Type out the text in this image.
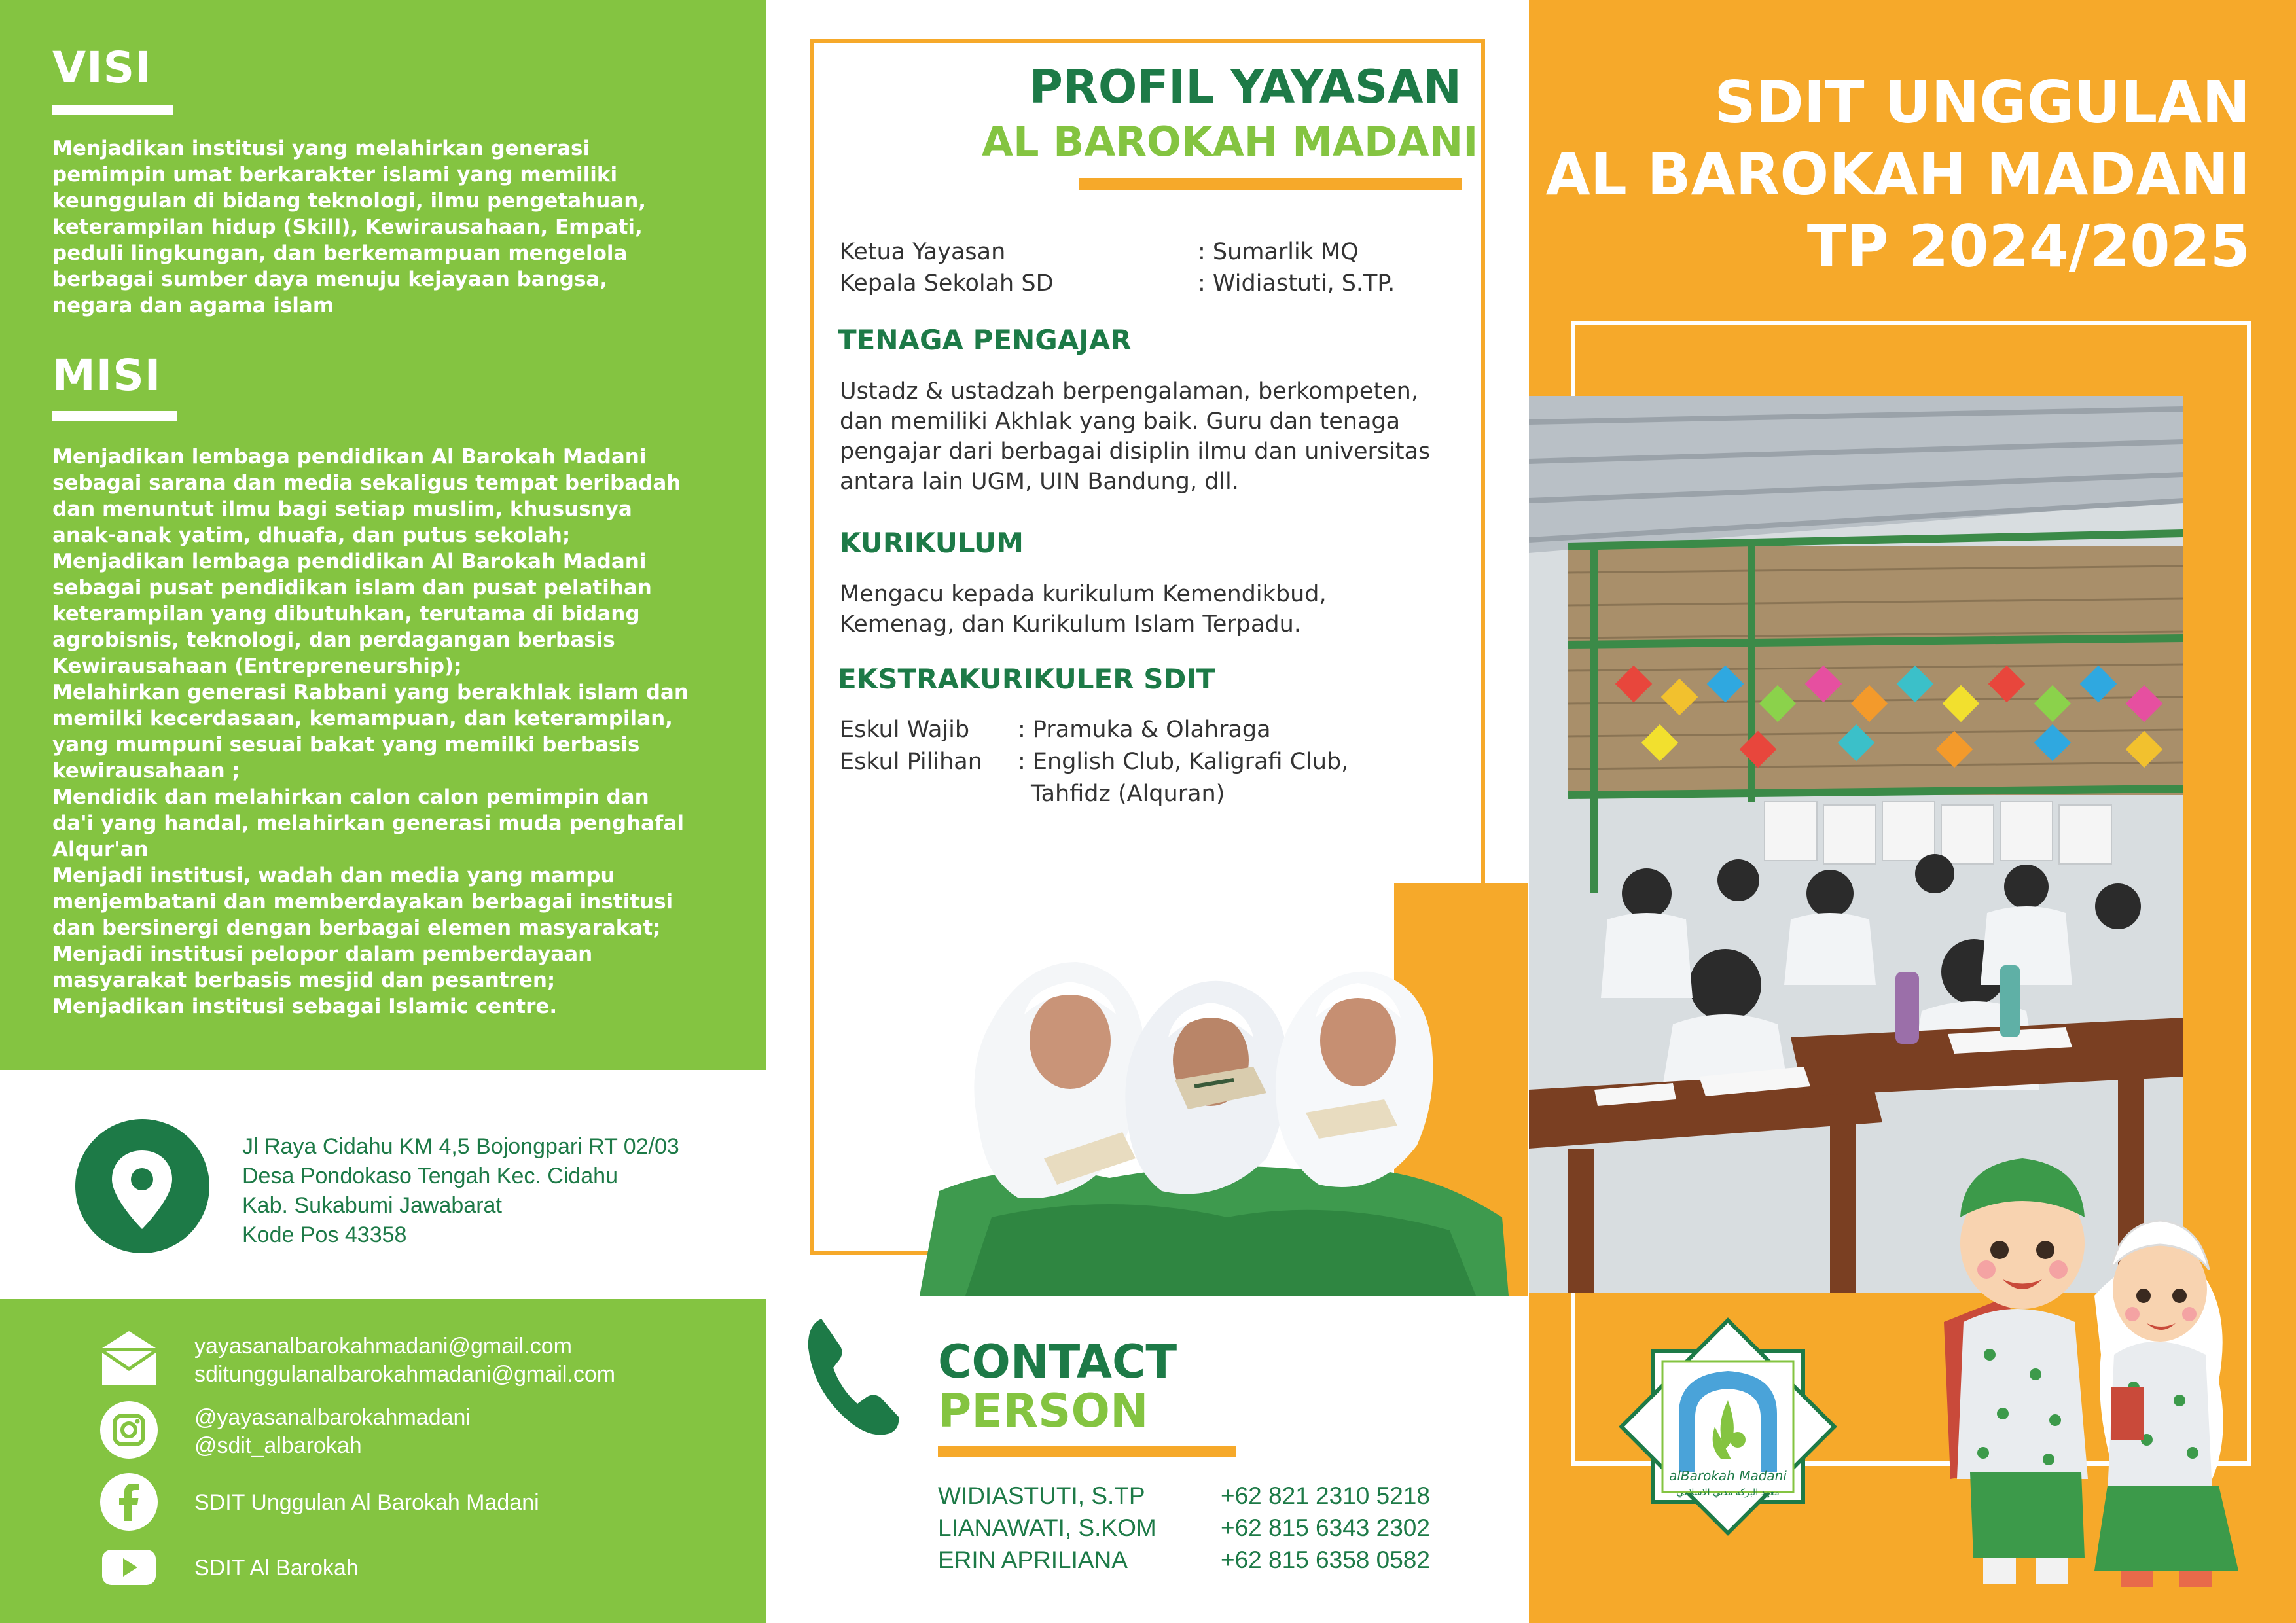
VISI
Menjadikan institusi yang melahirkan generasi
pemimpin umat berkarakter islami yang memiliki
keunggulan di bidang teknologi, ilmu pengetahuan,
keterampilan hidup (Skill), Kewirausahaan, Empati,
peduli lingkungan, dan berkemampuan mengelola
berbagai sumber daya menuju kejayaan bangsa,
negara dan agama islam
MISI
Menjadikan lembaga pendidikan Al Barokah Madani
sebagai sarana dan media sekaligus tempat beribadah
dan menuntut ilmu bagi setiap muslim, khususnya
anak-anak yatim, dhuafa, dan putus sekolah;
Menjadikan lembaga pendidikan Al Barokah Madani
sebagai pusat pendidikan islam dan pusat pelatihan
keterampilan yang dibutuhkan, terutama di bidang
agrobisnis, teknologi, dan perdagangan berbasis
Kewirausahaan (Entrepreneurship);
Melahirkan generasi Rabbani yang berakhlak islam dan
memilki kecerdasaan, kemampuan, dan keterampilan,
yang mumpuni sesuai bakat yang memilki berbasis
kewirausahaan ;
Mendidik dan melahirkan calon calon pemimpin dan
da'i yang handal, melahirkan generasi muda penghafal
Alqur'an
Menjadi institusi, wadah dan media yang mampu
menjembatani dan memberdayakan berbagai institusi
dan bersinergi dengan berbagai elemen masyarakat;
Menjadi institusi pelopor dalam pemberdayaan
masyarakat berbasis mesjid dan pesantren;
Menjadikan institusi sebagai Islamic centre.
Jl Raya Cidahu KM 4,5 Bojongpari RT 02/03
Desa Pondokaso Tengah Kec. Cidahu
Kab. Sukabumi Jawabarat
Kode Pos 43358
yayasanalbarokahmadani@gmail.com
sditunggulanalbarokahmadani@gmail.com
@yayasanalbarokahmadani
@sdit_albarokah
SDIT Unggulan Al Barokah Madani
SDIT Al Barokah
PROFIL YAYASAN
AL BAROKAH MADANI
Ketua Yayasan	: Sumarlik MQ
Kepala Sekolah SD	: Widiastuti, S.TP.
TENAGA PENGAJAR
Ustadz & ustadzah berpengalaman, berkompeten,
dan memiliki Akhlak yang baik. Guru dan tenaga
pengajar dari berbagai disiplin ilmu dan universitas
antara lain UGM, UIN Bandung, dll.
KURIKULUM
Mengacu kepada kurikulum Kemendikbud,
Kemenag, dan Kurikulum Islam Terpadu.
EKSTRAKURIKULER SDIT
Eskul Wajib : Pramuka & Olahraga
Eskul Pilihan : English Club, Kaligrafi Club,
Tahfidz (Alquran)
CONTACT
PERSON
WIDIASTUTI, S.TP	+62 821 2310 5218
LIANAWATI, S.KOM	+62 815 6343 2302
ERIN APRILIANA	+62 815 6358 0582
SDIT UNGGULAN
AL BAROKAH MADANI
TP 2024/2025
alBarokah Madani
معهد البركة مدني الاسلامي
